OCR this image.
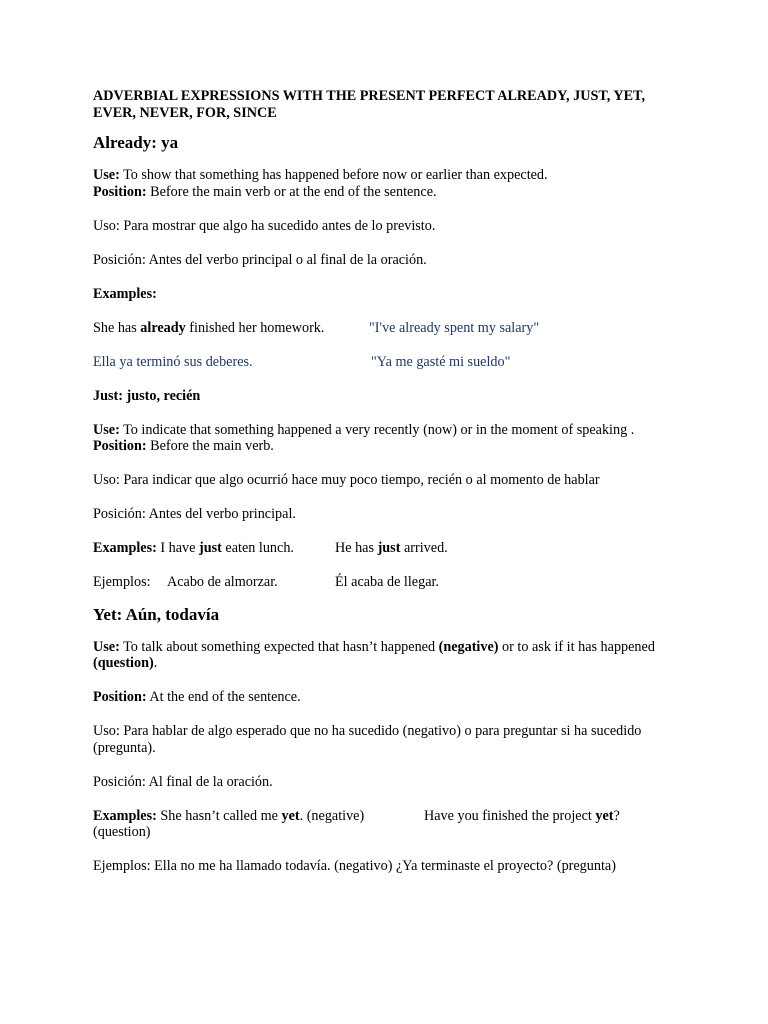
ADVERBIAL EXPRESSIONS WITH THE PRESENT PERFECT ALREADY, JUST, YET, EVER, NEVER, FOR, SINCE
Already: ya
Use: To show that something has happened before now or earlier than expected.
Position: Before the main verb or at the end of the sentence.
Uso: Para mostrar que algo ha sucedido antes de lo previsto.
Posición: Antes del verbo principal o al final de la oración.
Examples:
She has already finished her homework.	"I've already spent my salary"
Ella ya terminó sus deberes.	"Ya me gasté mi sueldo"
Just: justo, recién
Use: To indicate that something happened a very recently (now) or in the moment of speaking .
Position: Before the main verb.
Uso: Para indicar que algo ocurrió hace muy poco tiempo, recién o al momento de hablar
Posición: Antes del verbo principal.
Examples: I have just eaten lunch.	He has just arrived.
Ejemplos: Acabo de almorzar.	Él acaba de llegar.
Yet: Aún, todavía
Use: To talk about something expected that hasn’t happened (negative) or to ask if it has happened (question).
Position: At the end of the sentence.
Uso: Para hablar de algo esperado que no ha sucedido (negativo) o para preguntar si ha sucedido (pregunta).
Posición: Al final de la oración.
Examples: She hasn’t called me yet. (negative)	Have you finished the project yet?
(question)
Ejemplos: Ella no me ha llamado todavía. (negativo) ¿Ya terminaste el proyecto? (pregunta)
